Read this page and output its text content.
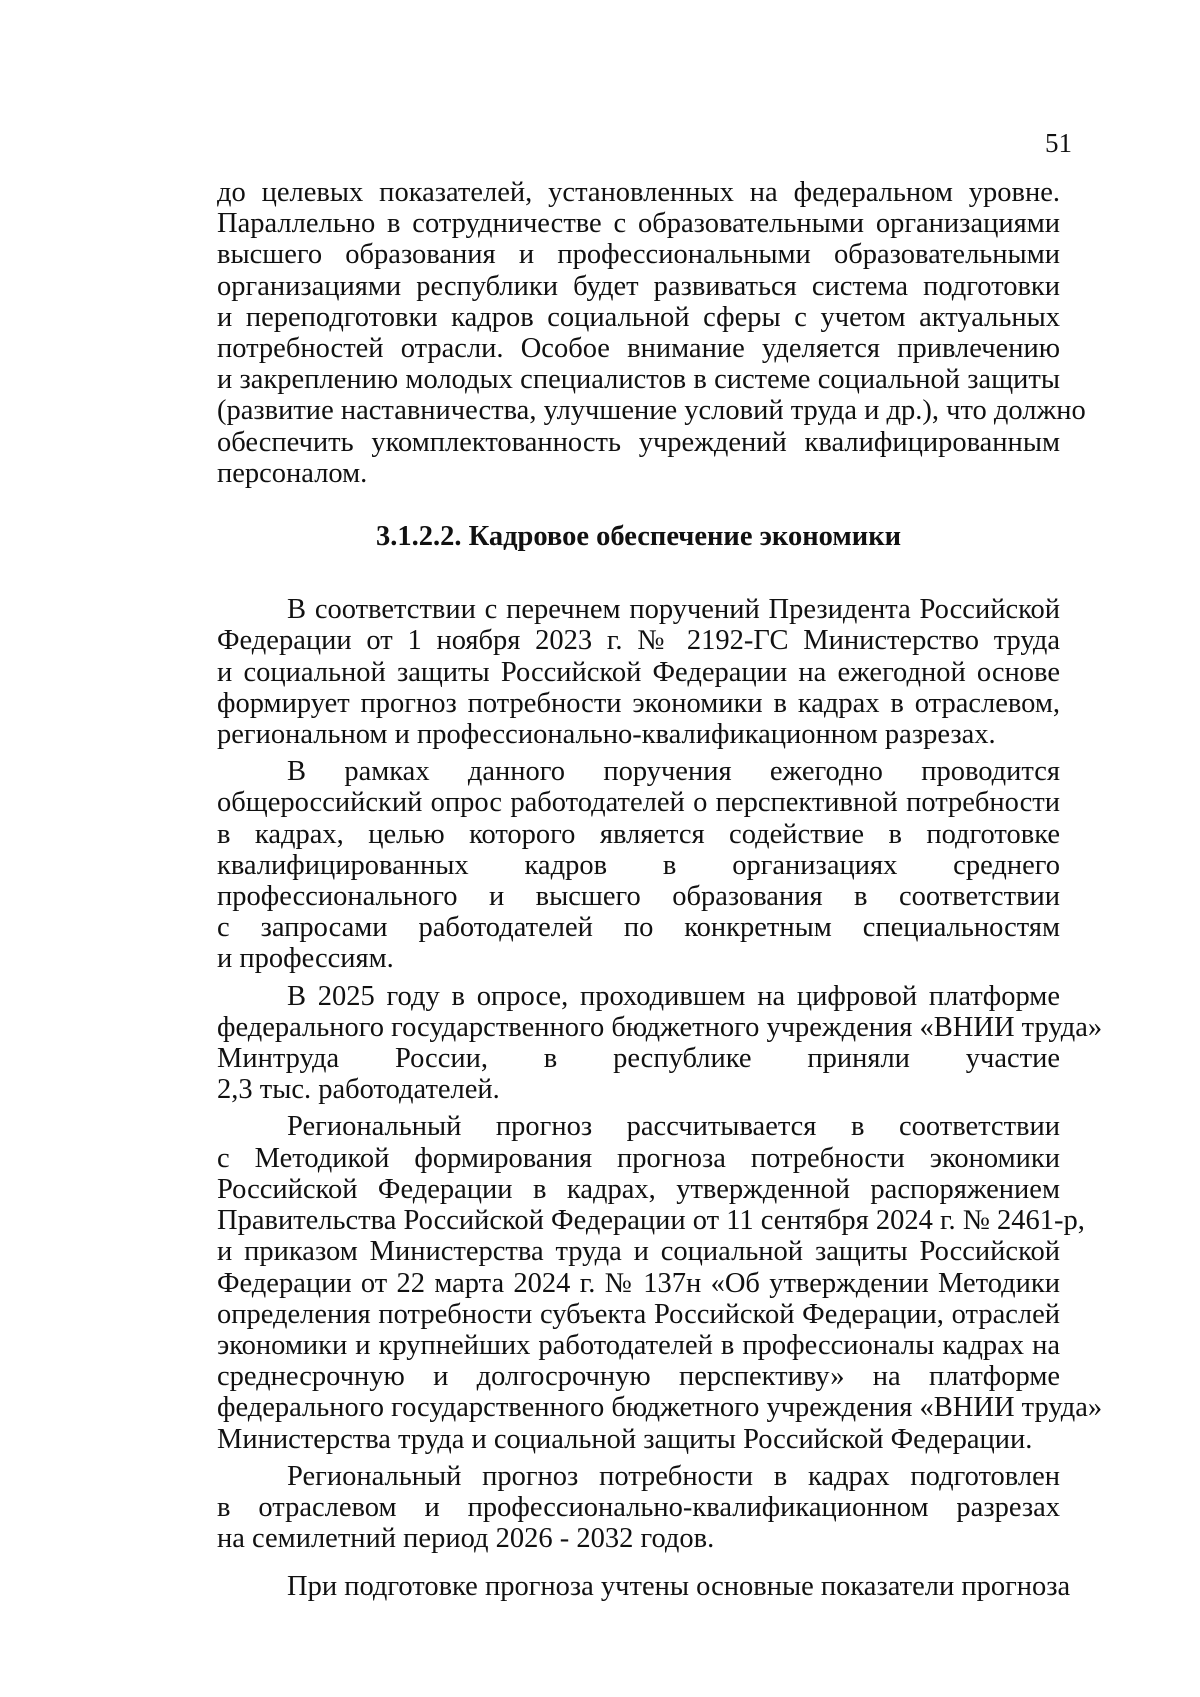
51

до целевых показателей, установленных на федеральном уровне.
Параллельно в сотрудничестве с образовательными организациями
высшего образования и профессиональными образовательными
организациями республики будет развиваться система подготовки
и переподготовки кадров социальной сферы с учетом актуальных
потребностей отрасли. Особое внимание уделяется привлечению
и закреплению молодых специалистов в системе социальной защиты
(развитие наставничества, улучшение условий труда и др.), что должно
обеспечить укомплектованность учреждений квалифицированным
персоналом.

3.1.2.2. Кадровое обеспечение экономики

В соответствии с перечнем поручений Президента Российской
Федерации от 1 ноября 2023 г. № 2192-ГС Министерство труда
и социальной защиты Российской Федерации на ежегодной основе
формирует прогноз потребности экономики в кадрах в отраслевом,
региональном и профессионально-квалификационном разрезах.

В рамках данного поручения ежегодно проводится
общероссийский опрос работодателей о перспективной потребности
в кадрах, целью которого является содействие в подготовке
квалифицированных кадров в организациях среднего
профессионального и высшего образования в соответствии
с запросами работодателей по конкретным специальностям
и профессиям.

В 2025 году в опросе, проходившем на цифровой платформе
федерального государственного бюджетного учреждения «ВНИИ труда»
Минтруда России, в республике приняли участие
2,3 тыс. работодателей.

Региональный прогноз рассчитывается в соответствии
с Методикой формирования прогноза потребности экономики
Российской Федерации в кадрах, утвержденной распоряжением
Правительства Российской Федерации от 11 сентября 2024 г. № 2461-р,
и приказом Министерства труда и социальной защиты Российской
Федерации от 22 марта 2024 г. № 137н «Об утверждении Методики
определения потребности субъекта Российской Федерации, отраслей
экономики и крупнейших работодателей в профессионалы кадрах на
среднесрочную и долгосрочную перспективу» на платформе
федерального государственного бюджетного учреждения «ВНИИ труда»
Министерства труда и социальной защиты Российской Федерации.

Региональный прогноз потребности в кадрах подготовлен
в отраслевом и профессионально-квалификационном разрезах
на семилетний период 2026 - 2032 годов.

При подготовке прогноза учтены основные показатели прогноза
